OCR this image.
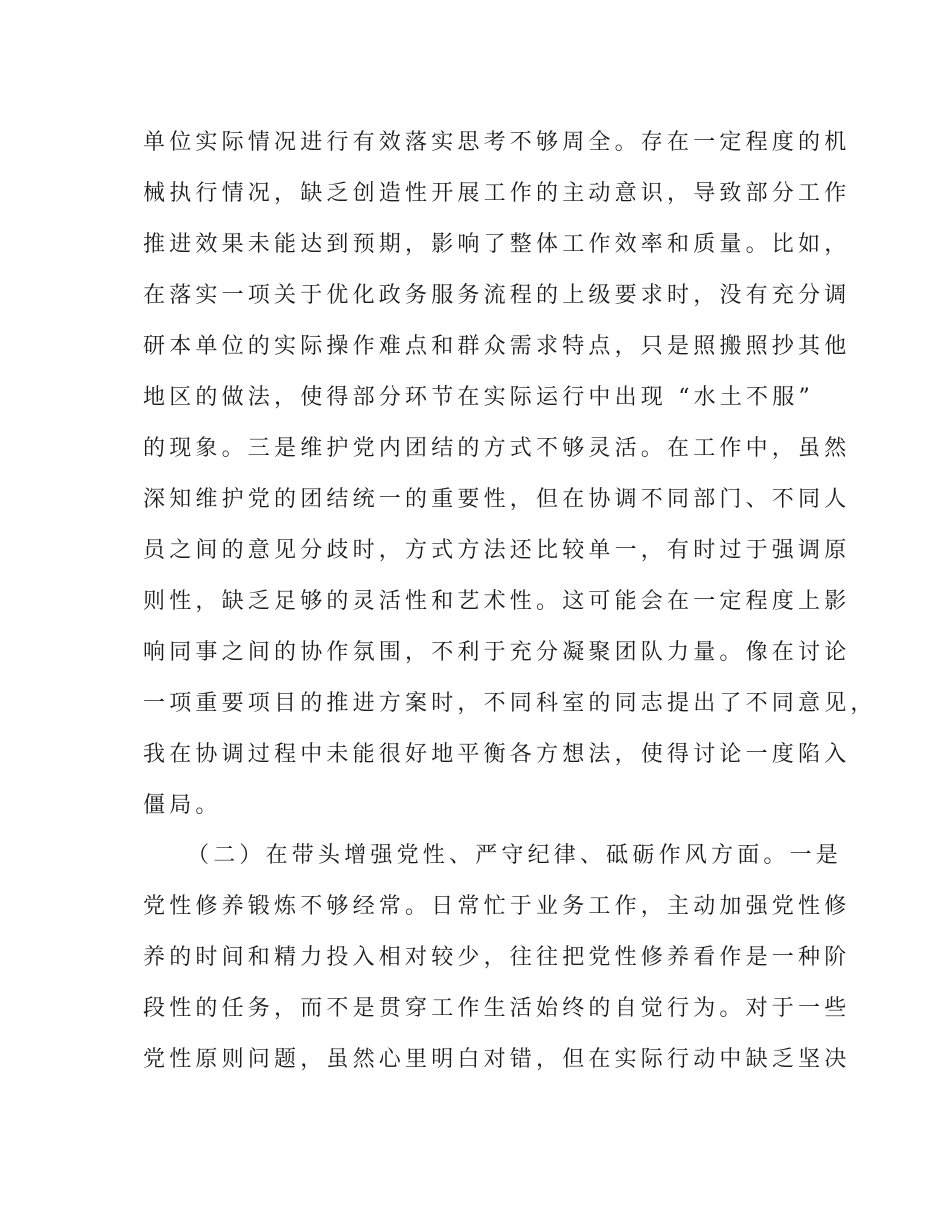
单位实际情况进行有效落实思考不够周全。存在一定程度的机
械执行情况，缺乏创造性开展工作的主动意识，导致部分工作
推进效果未能达到预期，影响了整体工作效率和质量。比如，
在落实一项关于优化政务服务流程的上级要求时，没有充分调
研本单位的实际操作难点和群众需求特点，只是照搬照抄其他
地区的做法，使得部分环节在实际运行中出现 “水土不服”
的现象。三是维护党内团结的方式不够灵活。在工作中，虽然
深知维护党的团结统一的重要性，但在协调不同部门、不同人
员之间的意见分歧时，方式方法还比较单一，有时过于强调原
则性，缺乏足够的灵活性和艺术性。这可能会在一定程度上影
响同事之间的协作氛围，不利于充分凝聚团队力量。像在讨论
一项重要项目的推进方案时，不同科室的同志提出了不同意见，
我在协调过程中未能很好地平衡各方想法，使得讨论一度陷入
僵局。
（二）在带头增强党性、严守纪律、砥砺作风方面。一是
党性修养锻炼不够经常。日常忙于业务工作，主动加强党性修
养的时间和精力投入相对较少，往往把党性修养看作是一种阶
段性的任务，而不是贯穿工作生活始终的自觉行为。对于一些
党性原则问题，虽然心里明白对错，但在实际行动中缺乏坚决
